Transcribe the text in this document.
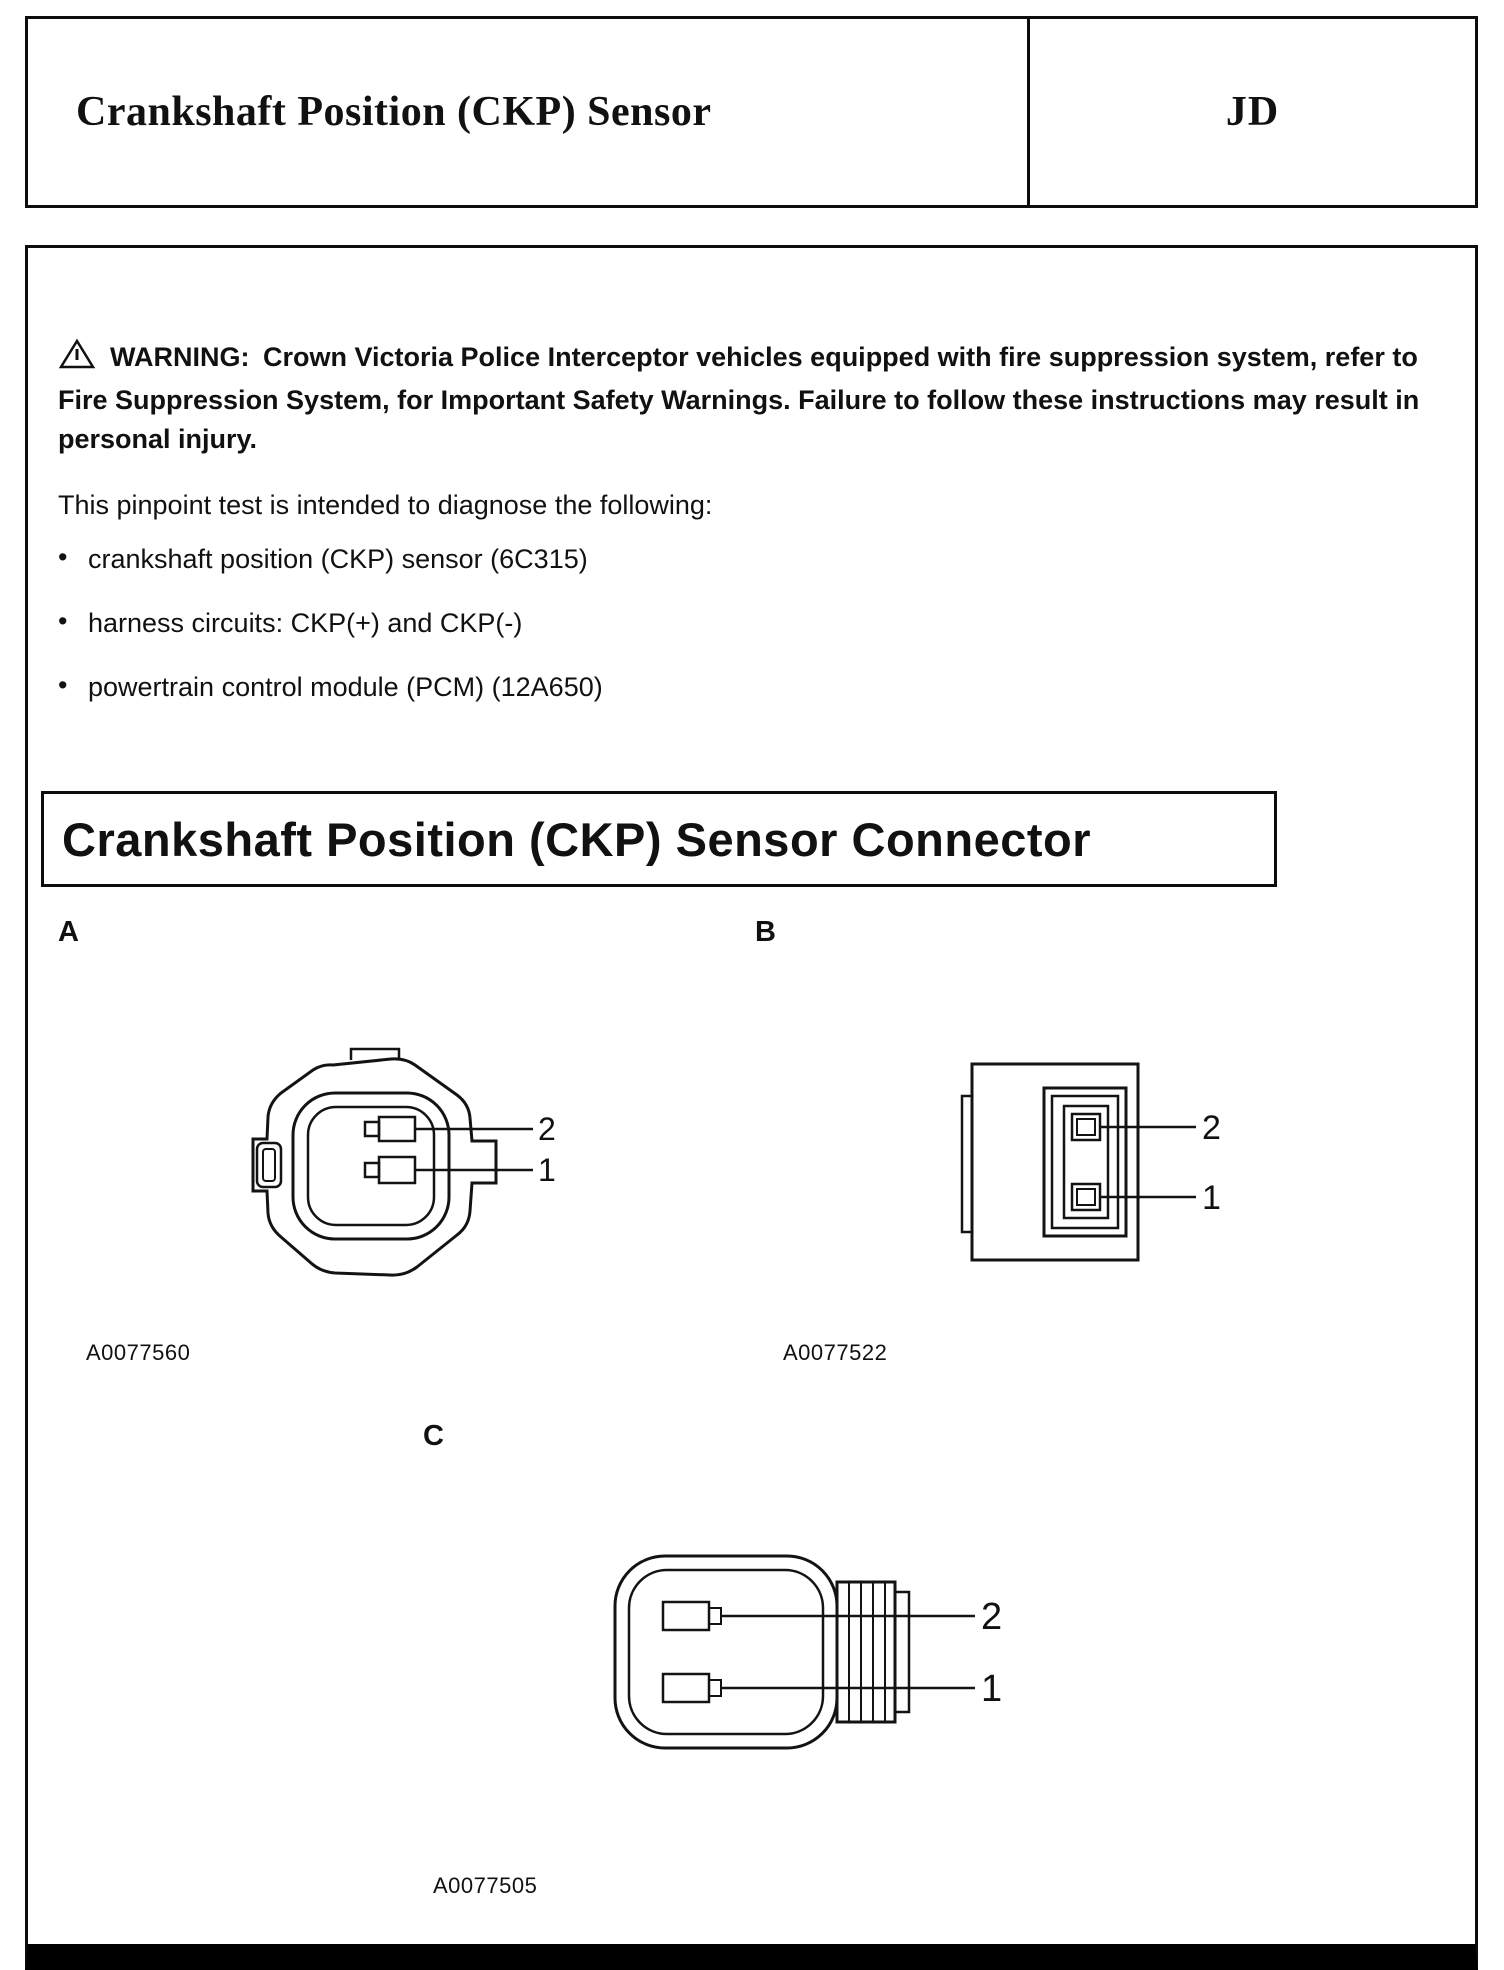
Crankshaft Position (CKP) Sensor	JD

WARNING: Crown Victoria Police Interceptor vehicles equipped with fire suppression system, refer to Fire Suppression System, for Important Safety Warnings. Failure to follow these instructions may result in personal injury.

This pinpoint test is intended to diagnose the following:

• crankshaft position (CKP) sensor (6C315)
• harness circuits: CKP(+) and CKP(-)
• powertrain control module (PCM) (12A650)
Crankshaft Position (CKP) Sensor Connector
A	B
C
2
1
2
1
2
1
A0077560	A0077522
A0077505
